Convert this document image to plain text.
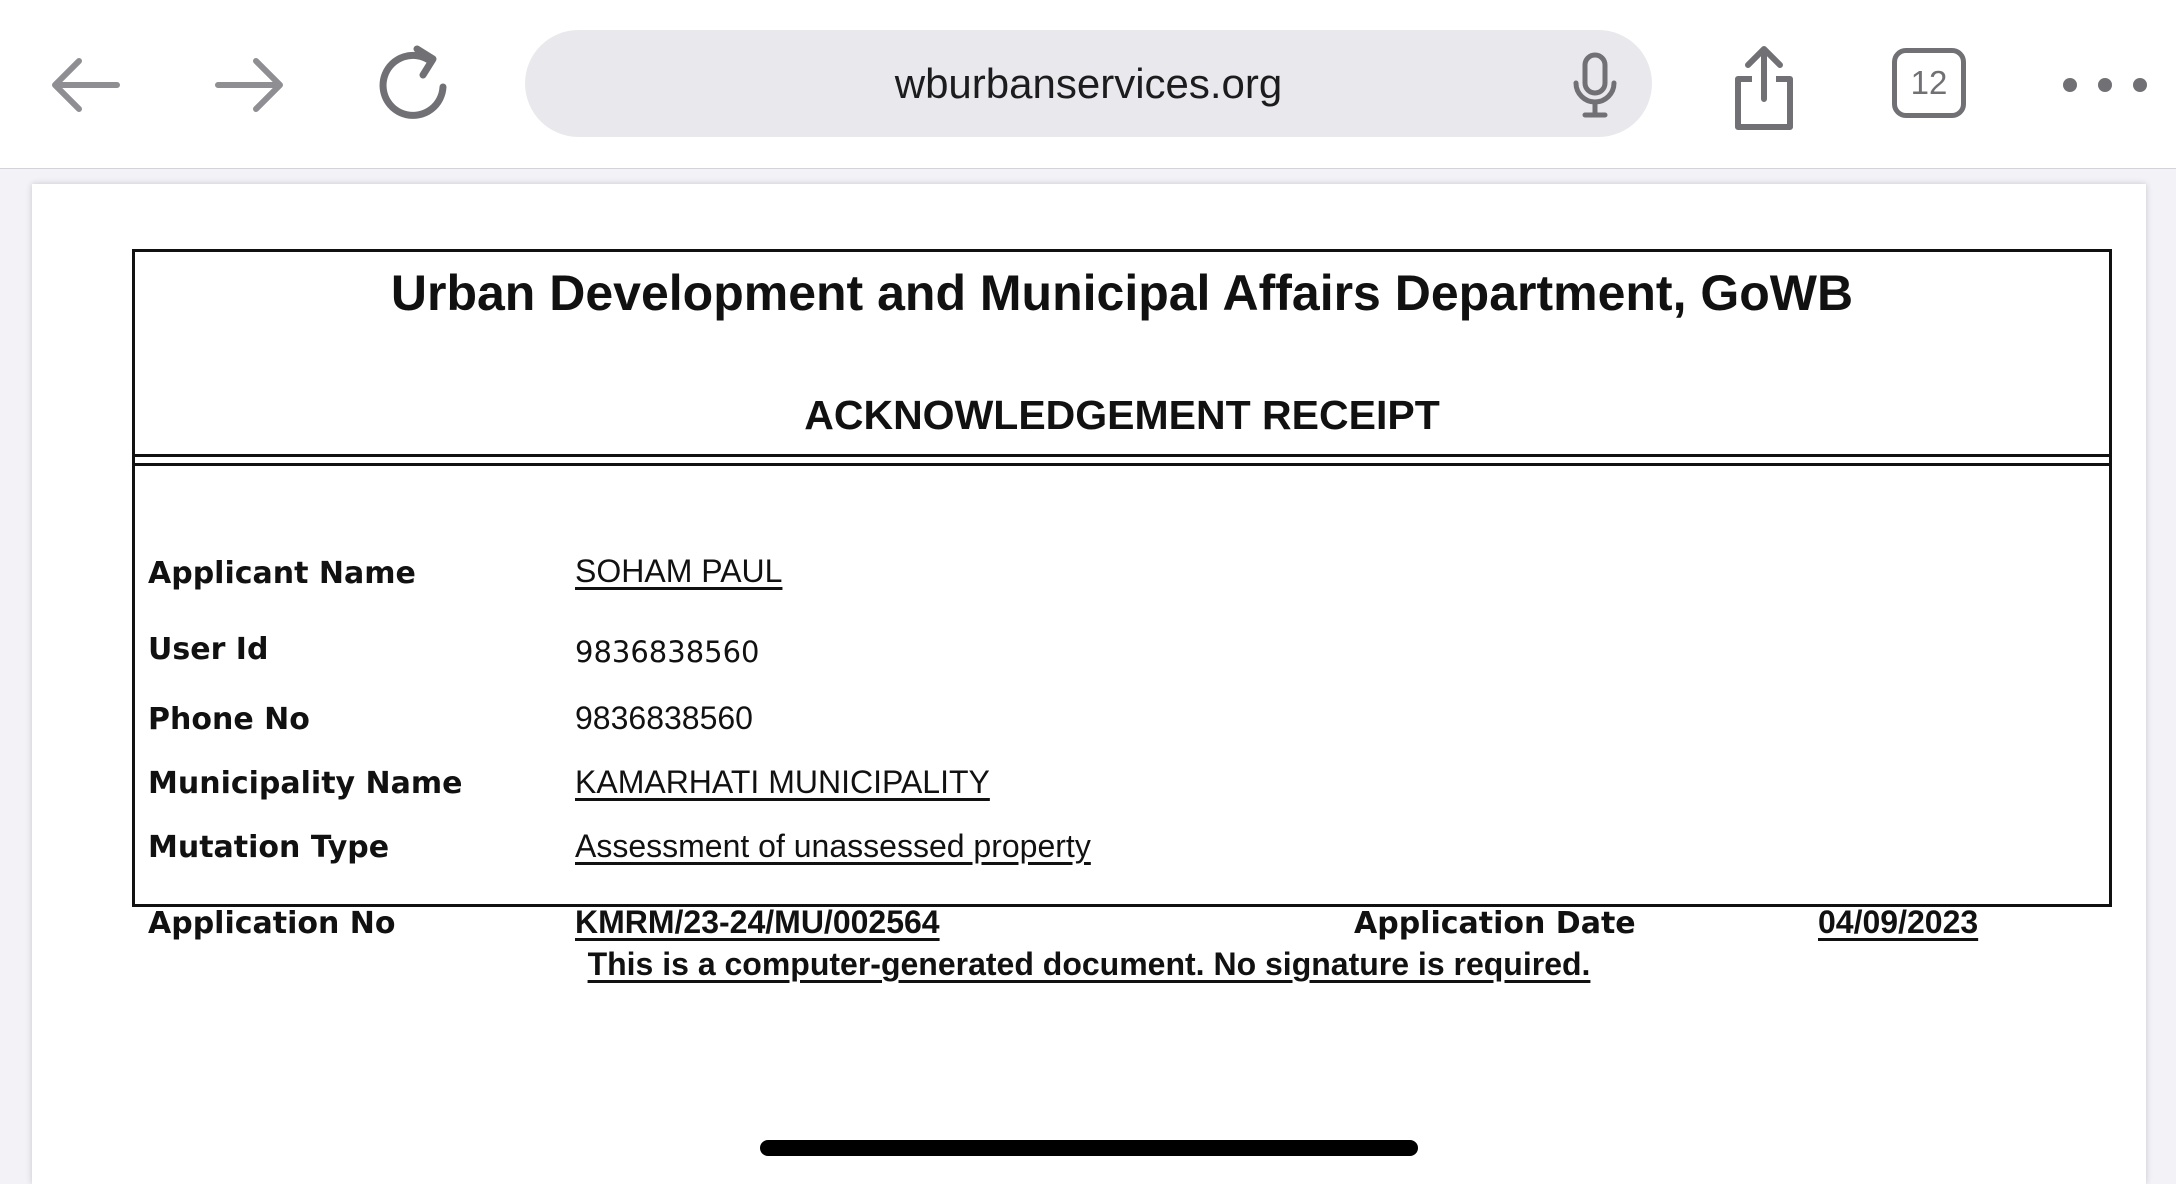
wburbanservices.org	12
Urban Development and Municipal Affairs Department, GoWB
ACKNOWLEDGEMENT RECEIPT
Applicant Name	SOHAM PAUL
User Id	9836838560
Phone No	9836838560
Municipality Name	KAMARHATI MUNICIPALITY
Mutation Type	Assessment of unassessed property
Application No	KMRM/23-24/MU/002564	Application Date	04/09/2023
This is a computer-generated document. No signature is required.
